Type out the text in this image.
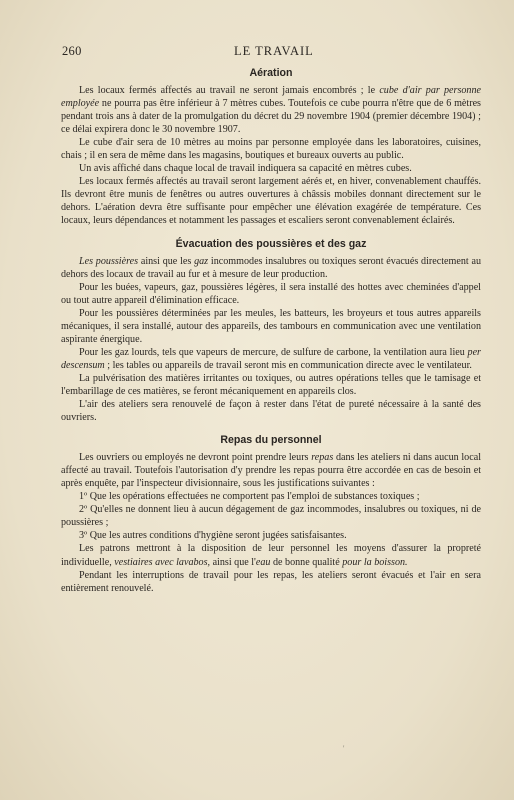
260	LE TRAVAIL
Aération

Les locaux fermés affectés au travail ne seront jamais encombrés ; le cube d'air par personne employée ne pourra pas être inférieur à 7 mètres cubes. Toutefois ce cube pourra n'être que de 6 mètres pendant trois ans à dater de la promulgation du décret du 29 novembre 1904 (premier décembre 1904) ; ce délai expirera donc le 30 novembre 1907.

Le cube d'air sera de 10 mètres au moins par personne employée dans les laboratoires, cuisines, chais ; il en sera de même dans les magasins, boutiques et bureaux ouverts au public.

Un avis affiché dans chaque local de travail indiquera sa capacité en mètres cubes.

Les locaux fermés affectés au travail seront largement aérés et, en hiver, convenablement chauffés. Ils devront être munis de fenêtres ou autres ouvertures à châssis mobiles donnant directement sur le dehors. L'aération devra être suffisante pour empêcher une élévation exagérée de température. Ces locaux, leurs dépendances et notamment les passages et escaliers seront convenablement éclairés.

Évacuation des poussières et des gaz

Les poussières ainsi que les gaz incommodes insalubres ou toxiques seront évacués directement au dehors des locaux de travail au fur et à mesure de leur production.

Pour les buées, vapeurs, gaz, poussières légères, il sera installé des hottes avec cheminées d'appel ou tout autre appareil d'élimination efficace.

Pour les poussières déterminées par les meules, les batteurs, les broyeurs et tous autres appareils mécaniques, il sera installé, autour des appareils, des tambours en communication avec une ventilation aspirante énergique.

Pour les gaz lourds, tels que vapeurs de mercure, de sulfure de carbone, la ventilation aura lieu per descensum ; les tables ou appareils de travail seront mis en communication directe avec le ventilateur.

La pulvérisation des matières irritantes ou toxiques, ou autres opérations telles que le tamisage et l'embarillage de ces matières, se feront mécaniquement en appareils clos.

L'air des ateliers sera renouvelé de façon à rester dans l'état de pureté nécessaire à la santé des ouvriers.

Repas du personnel

Les ouvriers ou employés ne devront point prendre leurs repas dans les ateliers ni dans aucun local affecté au travail. Toutefois l'autorisation d'y prendre les repas pourra être accordée en cas de besoin et après enquête, par l'inspecteur divisionnaire, sous les justifications suivantes :

1º Que les opérations effectuées ne comportent pas l'emploi de substances toxiques ;

2º Qu'elles ne donnent lieu à aucun dégagement de gaz incommodes, insalubres ou toxiques, ni de poussières ;

3º Que les autres conditions d'hygiène seront jugées satisfaisantes.

Les patrons mettront à la disposition de leur personnel les moyens d'assurer la propreté individuelle, vestiaires avec lavabos, ainsi que l'eau de bonne qualité pour la boisson.

Pendant les interruptions de travail pour les repas, les ateliers seront évacués et l'air en sera entièrement renouvelé.

'
